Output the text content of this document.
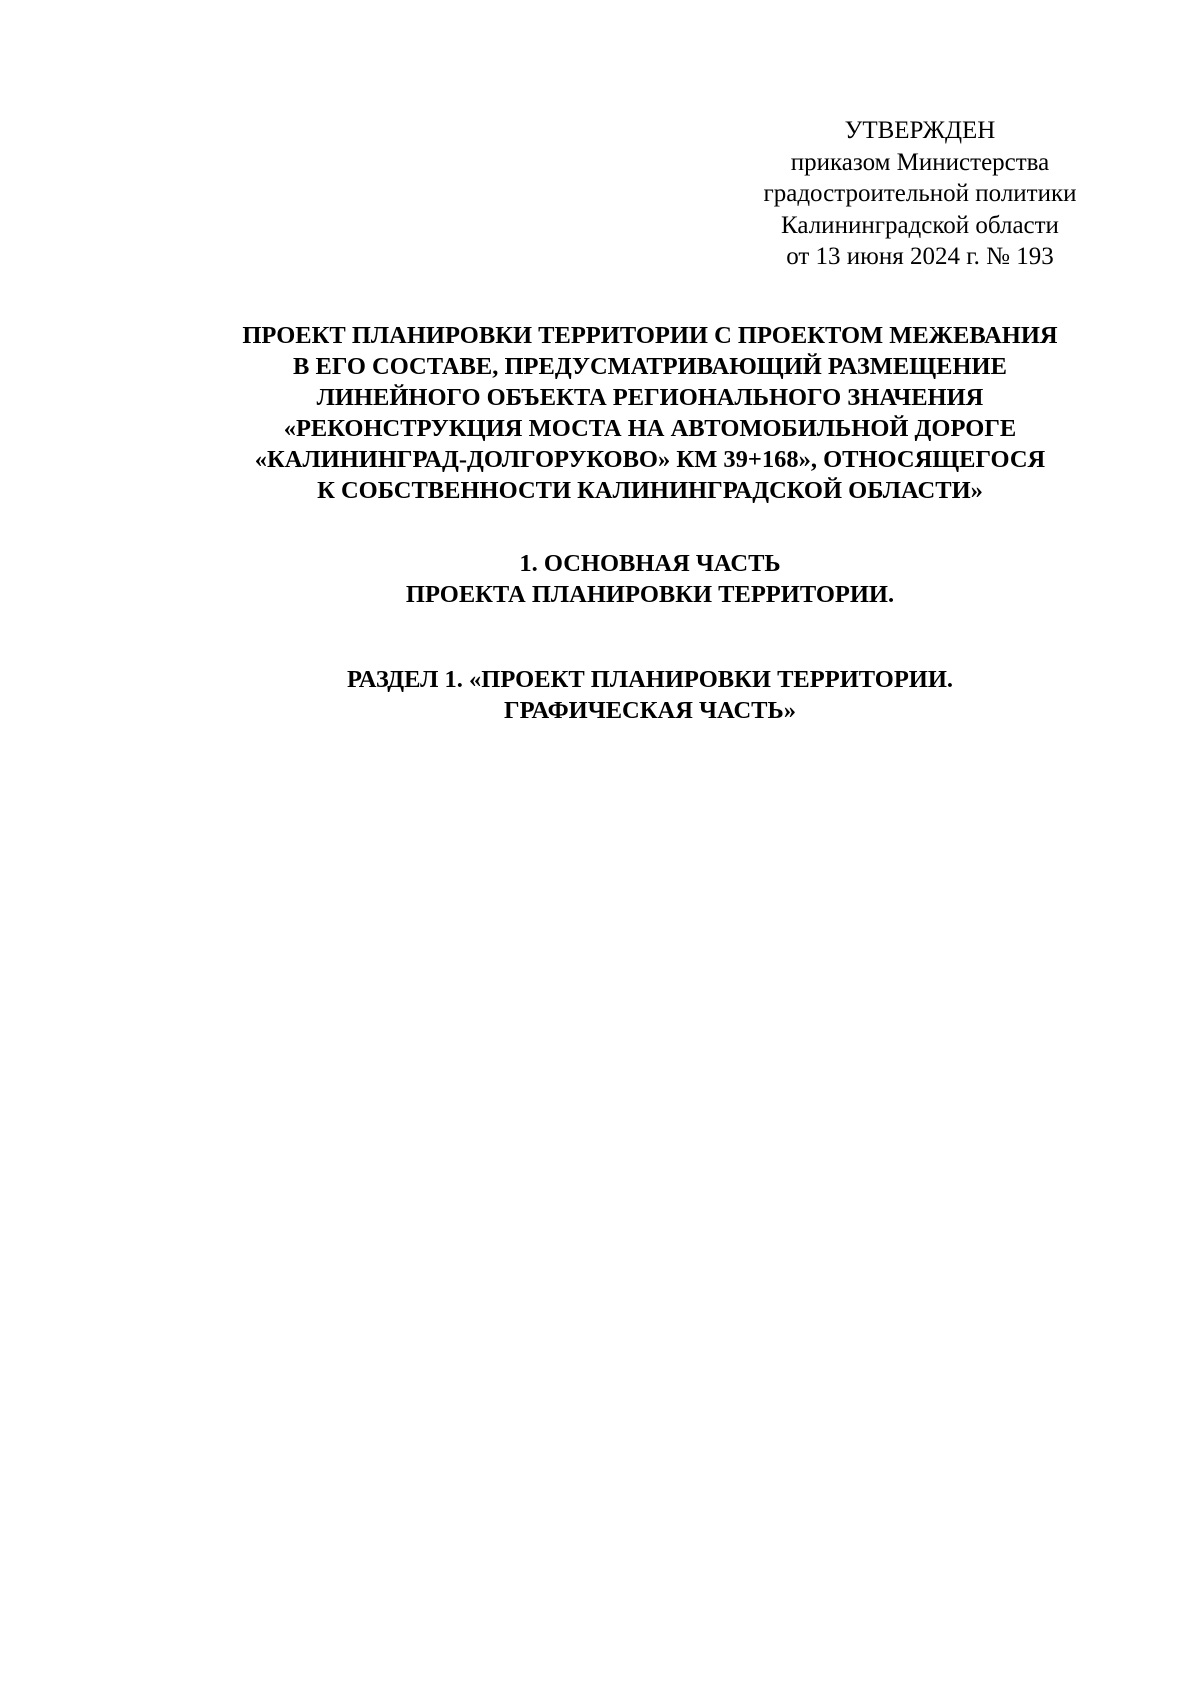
УТВЕРЖДЕН
приказом Министерства
градостроительной политики
Калининградской области
от 13 июня 2024 г. № 193
ПРОЕКТ ПЛАНИРОВКИ ТЕРРИТОРИИ С ПРОЕКТОМ МЕЖЕВАНИЯ
В ЕГО СОСТАВЕ, ПРЕДУСМАТРИВАЮЩИЙ РАЗМЕЩЕНИЕ
ЛИНЕЙНОГО ОБЪЕКТА РЕГИОНАЛЬНОГО ЗНАЧЕНИЯ
«РЕКОНСТРУКЦИЯ МОСТА НА АВТОМОБИЛЬНОЙ ДОРОГЕ
«КАЛИНИНГРАД-ДОЛГОРУКОВО» КМ 39+168», ОТНОСЯЩЕГОСЯ
К СОБСТВЕННОСТИ КАЛИНИНГРАДСКОЙ ОБЛАСТИ»
1. ОСНОВНАЯ ЧАСТЬ
ПРОЕКТА ПЛАНИРОВКИ ТЕРРИТОРИИ.
РАЗДЕЛ 1. «ПРОЕКТ ПЛАНИРОВКИ ТЕРРИТОРИИ.
ГРАФИЧЕСКАЯ ЧАСТЬ»
